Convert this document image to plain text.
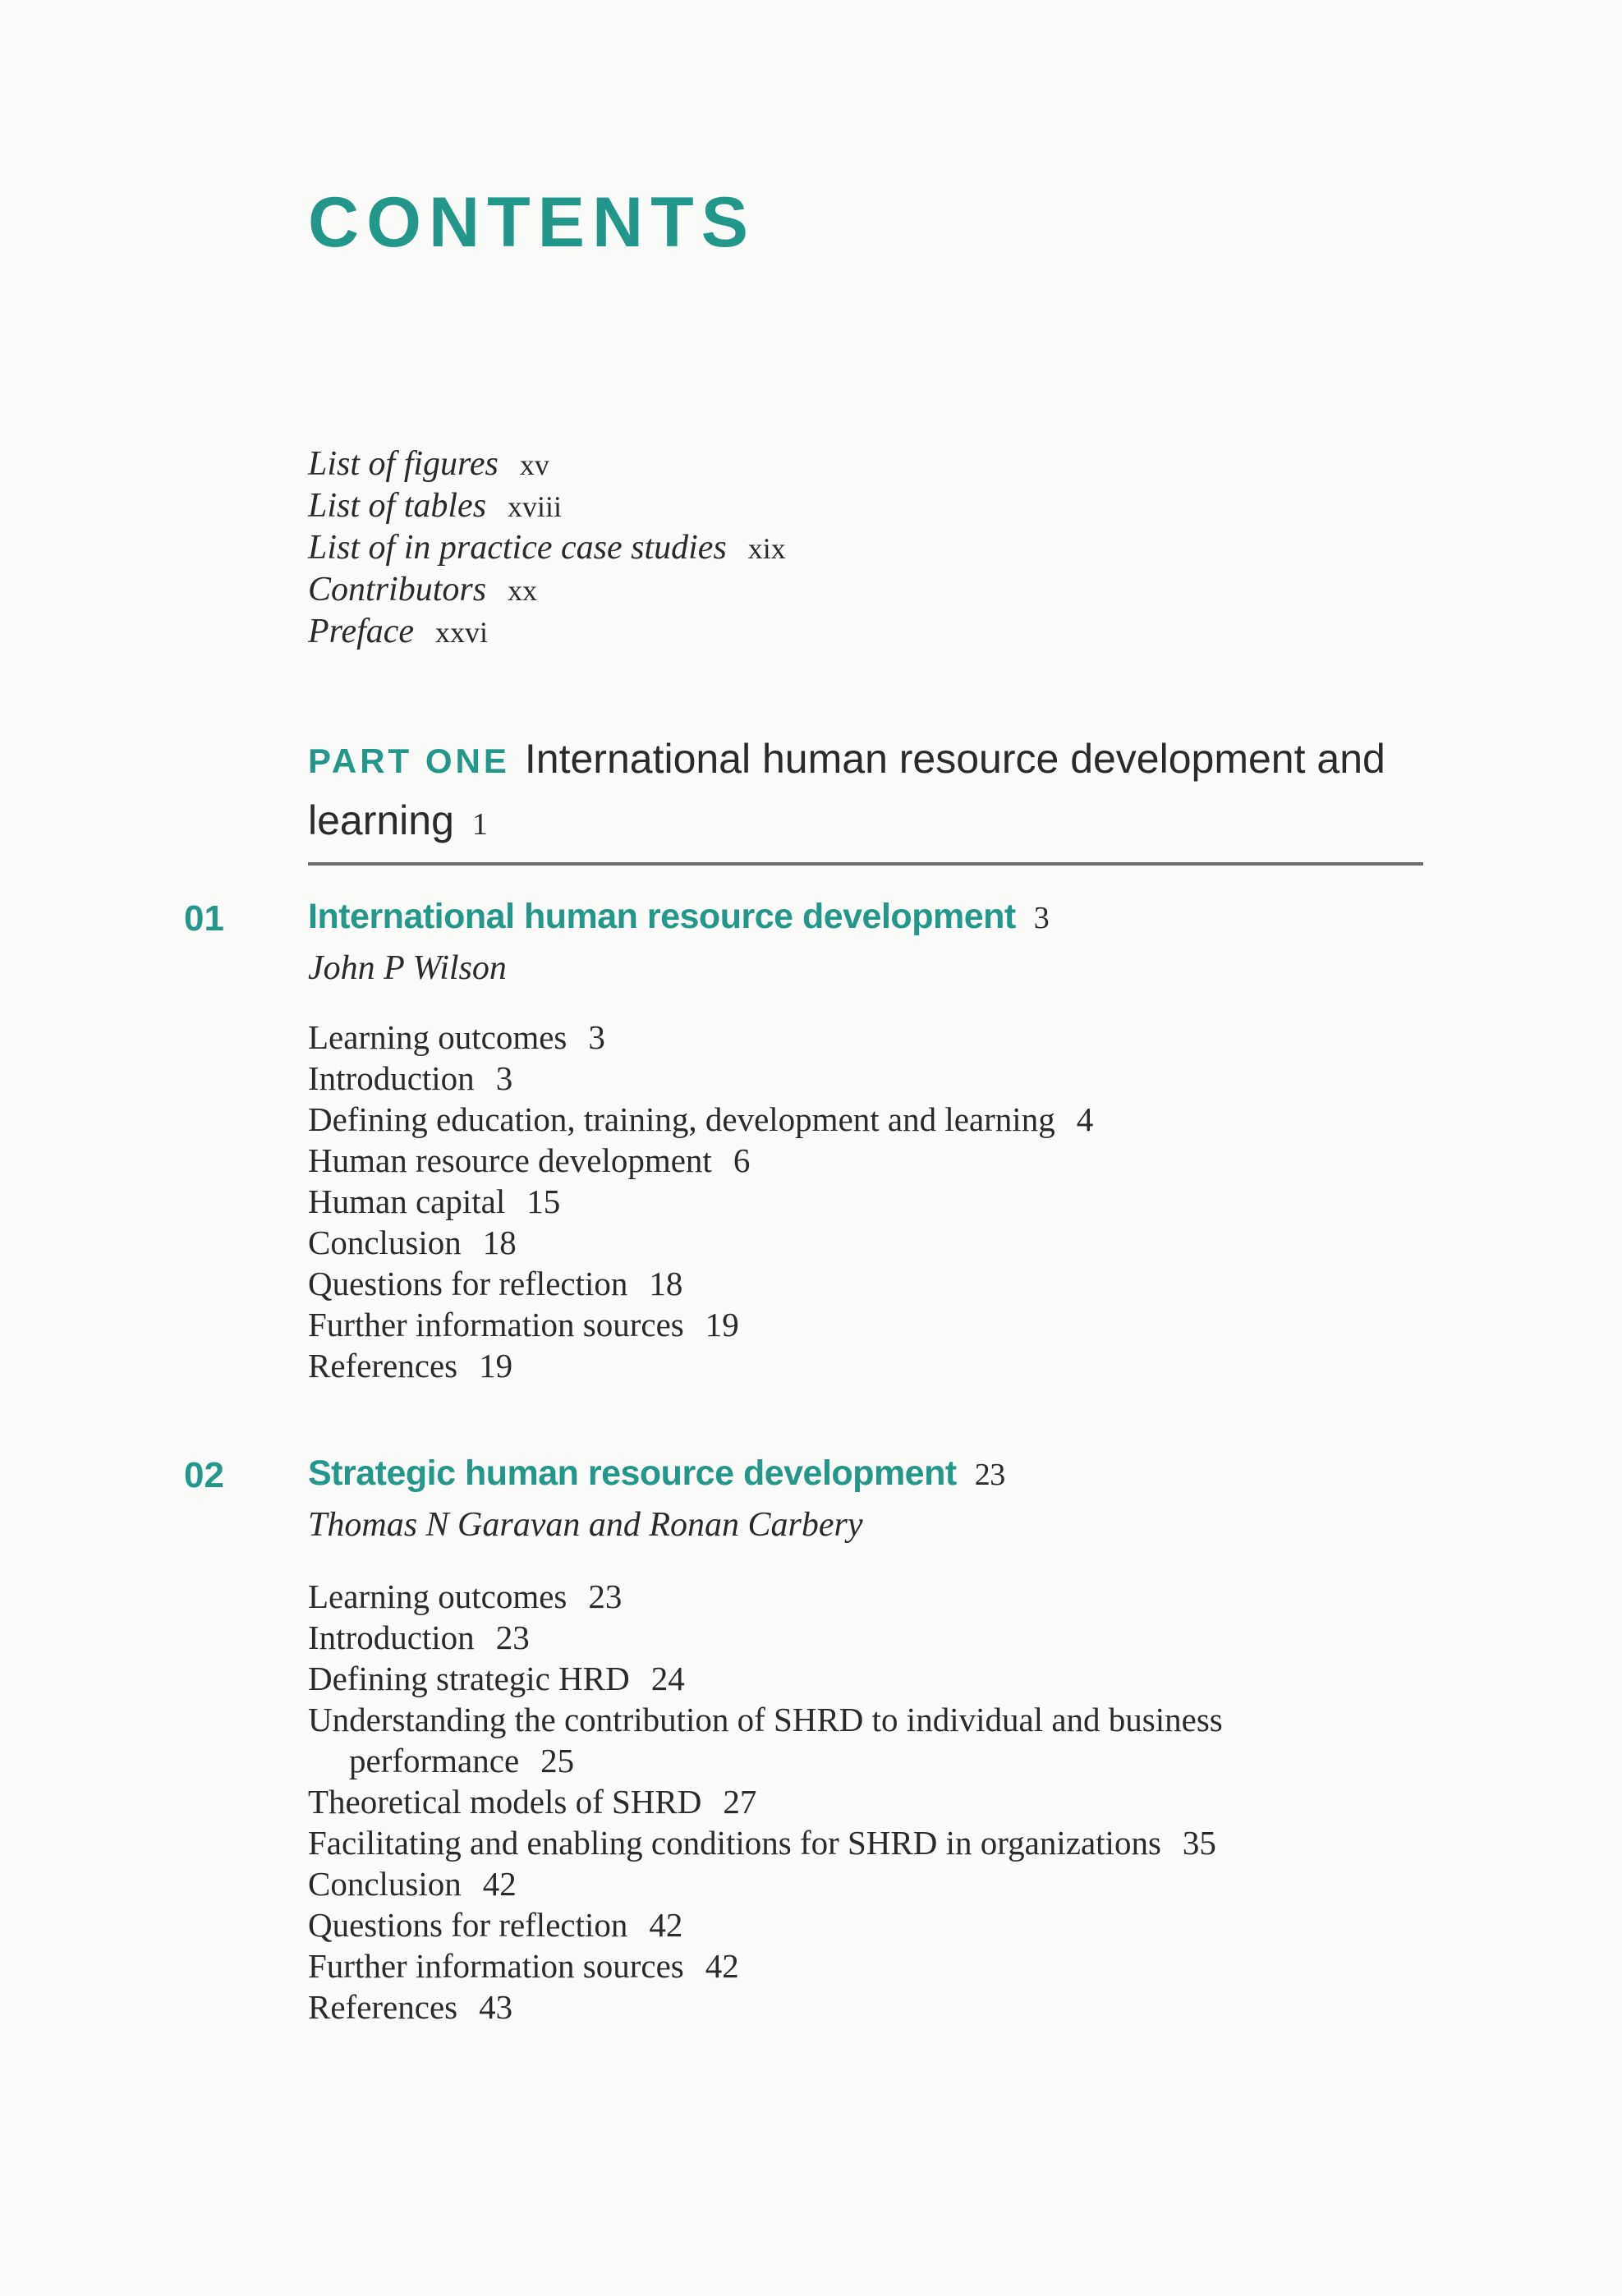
CONTENTS
List of figures xv
List of tables xviii
List of in practice case studies xix
Contributors xx
Preface xxvi
PART ONE International human resource development and learning 1
01 International human resource development 3
John P Wilson
Learning outcomes 3
Introduction 3
Defining education, training, development and learning 4
Human resource development 6
Human capital 15
Conclusion 18
Questions for reflection 18
Further information sources 19
References 19
02 Strategic human resource development 23
Thomas N Garavan and Ronan Carbery
Learning outcomes 23
Introduction 23
Defining strategic HRD 24
Understanding the contribution of SHRD to individual and business
performance 25
Theoretical models of SHRD 27
Facilitating and enabling conditions for SHRD in organizations 35
Conclusion 42
Questions for reflection 42
Further information sources 42
References 43
